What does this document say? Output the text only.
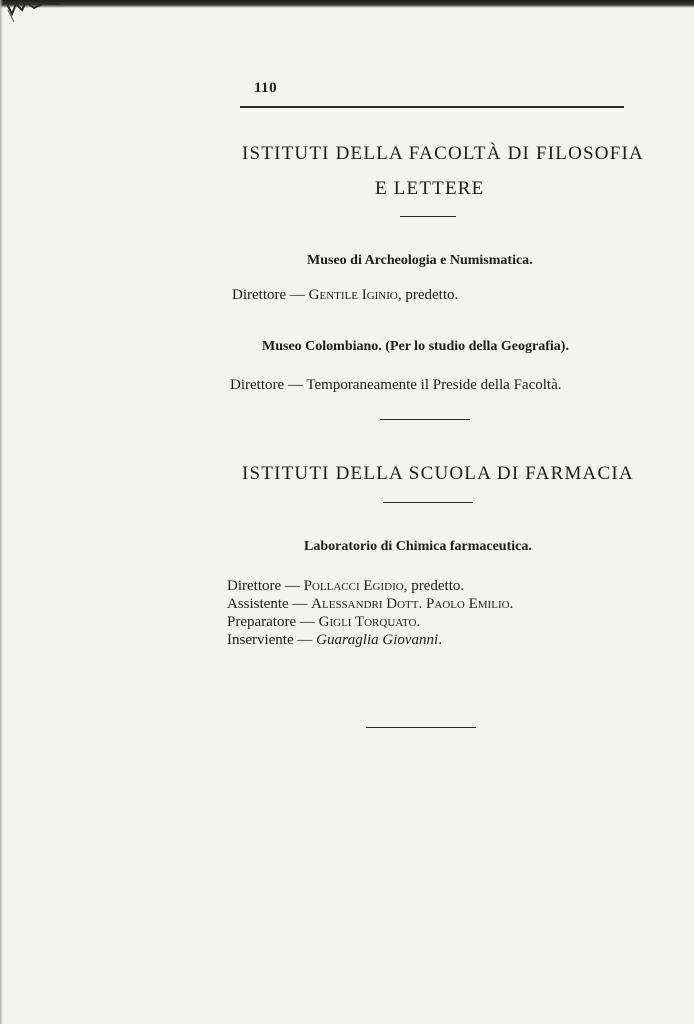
110
ISTITUTI DELLA FACOLTÀ DI FILOSOFIA
E LETTERE
Museo di Archeologia e Numismatica.
Direttore — Gentile Iginio, predetto.
Museo Colombiano. (Per lo studio della Geografia).
Direttore — Temporaneamente il Preside della Facoltà.
ISTITUTI DELLA SCUOLA DI FARMACIA
Laboratorio di Chimica farmaceutica.
Direttore — Pollacci Egidio, predetto.
Assistente — Alessandri Dott. Paolo Emilio.
Preparatore — Gigli Torquato.
Inserviente — Guaraglia Giovanni.
